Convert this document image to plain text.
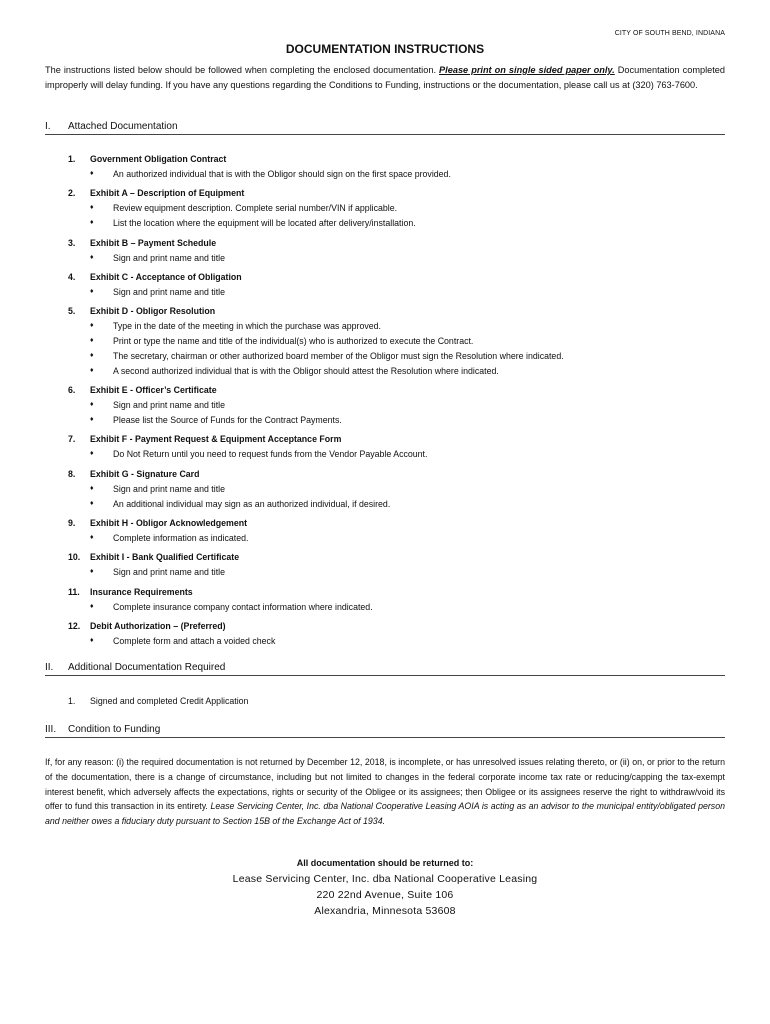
CITY OF SOUTH BEND, INDIANA
DOCUMENTATION INSTRUCTIONS
The instructions listed below should be followed when completing the enclosed documentation. Please print on single sided paper only. Documentation completed improperly will delay funding. If you have any questions regarding the Conditions to Funding, instructions or the documentation, please call us at (320) 763-7600.
I. Attached Documentation
1. Government Obligation Contract
♦ An authorized individual that is with the Obligor should sign on the first space provided.
2. Exhibit A – Description of Equipment
♦ Review equipment description. Complete serial number/VIN if applicable.
♦ List the location where the equipment will be located after delivery/installation.
3. Exhibit B – Payment Schedule
♦ Sign and print name and title
4. Exhibit C - Acceptance of Obligation
♦ Sign and print name and title
5. Exhibit D - Obligor Resolution
♦ Type in the date of the meeting in which the purchase was approved.
♦ Print or type the name and title of the individual(s) who is authorized to execute the Contract.
♦ The secretary, chairman or other authorized board member of the Obligor must sign the Resolution where indicated.
♦ A second authorized individual that is with the Obligor should attest the Resolution where indicated.
6. Exhibit E - Officer’s Certificate
♦ Sign and print name and title
♦ Please list the Source of Funds for the Contract Payments.
7. Exhibit F - Payment Request & Equipment Acceptance Form
♦ Do Not Return until you need to request funds from the Vendor Payable Account.
8. Exhibit G - Signature Card
♦ Sign and print name and title
♦ An additional individual may sign as an authorized individual, if desired.
9. Exhibit H - Obligor Acknowledgement
♦ Complete information as indicated.
10. Exhibit I - Bank Qualified Certificate
♦ Sign and print name and title
11. Insurance Requirements
♦ Complete insurance company contact information where indicated.
12. Debit Authorization – (Preferred)
♦ Complete form and attach a voided check
II. Additional Documentation Required
1. Signed and completed Credit Application
III. Condition to Funding
If, for any reason: (i) the required documentation is not returned by December 12, 2018, is incomplete, or has unresolved issues relating thereto, or (ii) on, or prior to the return of the documentation, there is a change of circumstance, including but not limited to changes in the federal corporate income tax rate or reducing/capping the tax-exempt interest benefit, which adversely affects the expectations, rights or security of the Obligee or its assignees; then Obligee or its assignees reserve the right to withdraw/void its offer to fund this transaction in its entirety. Lease Servicing Center, Inc. dba National Cooperative Leasing AOIA is acting as an advisor to the municipal entity/obligated person and neither owes a fiduciary duty pursuant to Section 15B of the Exchange Act of 1934.
All documentation should be returned to:
Lease Servicing Center, Inc. dba National Cooperative Leasing
220 22nd Avenue, Suite 106
Alexandria, Minnesota 53608
